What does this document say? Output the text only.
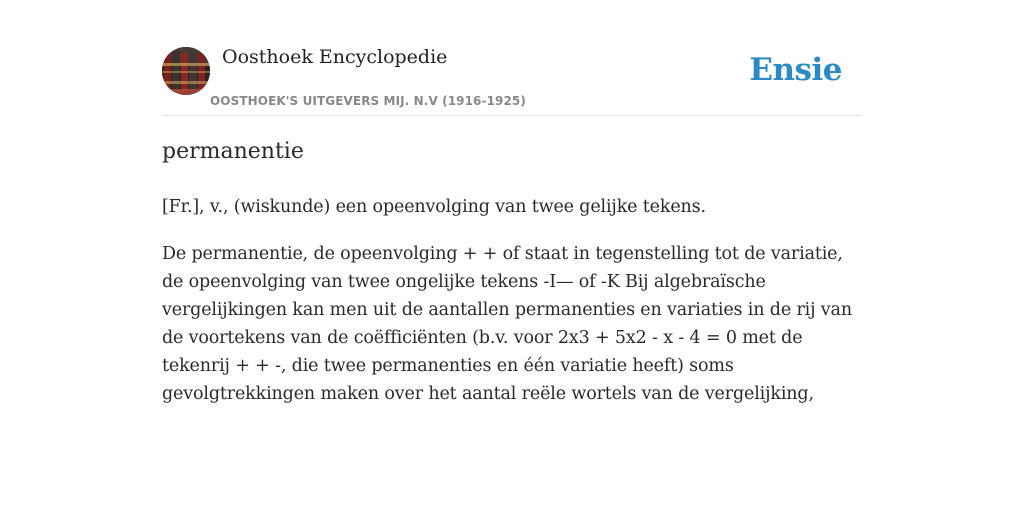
Oosthoek Encyclopedie
OOSTHOEK'S UITGEVERS MIJ. N.V (1916-1925)
Ensie
permanentie

[Fr.], v., (wiskunde) een opeenvolging van twee gelijke tekens.

De permanentie, de opeenvolging + + of staat in tegenstelling tot de variatie, de opeenvolging van twee ongelijke tekens -I— of -K Bij algebraïsche vergelijkingen kan men uit de aantallen permanenties en variaties in de rij van de voortekens van de coëfficiënten (b.v. voor 2x3 + 5x2 - x - 4 = 0 met de tekenrij + + -, die twee permanenties en één variatie heeft) soms gevolgtrekkingen maken over het aantal reële wortels van de vergelijking,
